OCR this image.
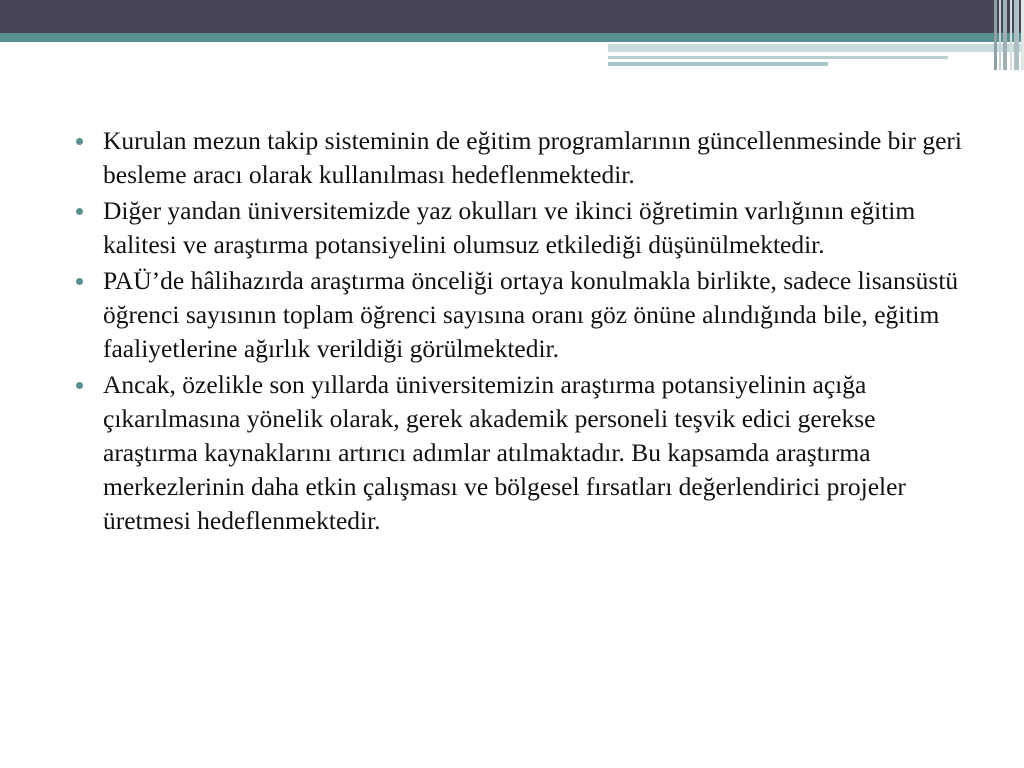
Kurulan mezun takip sisteminin de eğitim programlarının güncellenmesinde bir geri besleme aracı olarak kullanılması hedeflenmektedir.
Diğer yandan üniversitemizde yaz okulları ve ikinci öğretimin varlığının eğitim kalitesi ve araştırma potansiyelini olumsuz etkilediği düşünülmektedir.
PAÜ’de hâlihazırda araştırma önceliği ortaya konulmakla birlikte, sadece lisansüstü öğrenci sayısının toplam öğrenci sayısına oranı göz önüne alındığında bile, eğitim faaliyetlerine ağırlık verildiği görülmektedir.
Ancak, özelikle son yıllarda üniversitemizin araştırma potansiyelinin açığa çıkarılmasına yönelik olarak, gerek akademik personeli teşvik edici gerekse araştırma kaynaklarını artırıcı adımlar atılmaktadır. Bu kapsamda araştırma merkezlerinin daha etkin çalışması ve bölgesel fırsatları değerlendirici projeler üretmesi hedeflenmektedir.
